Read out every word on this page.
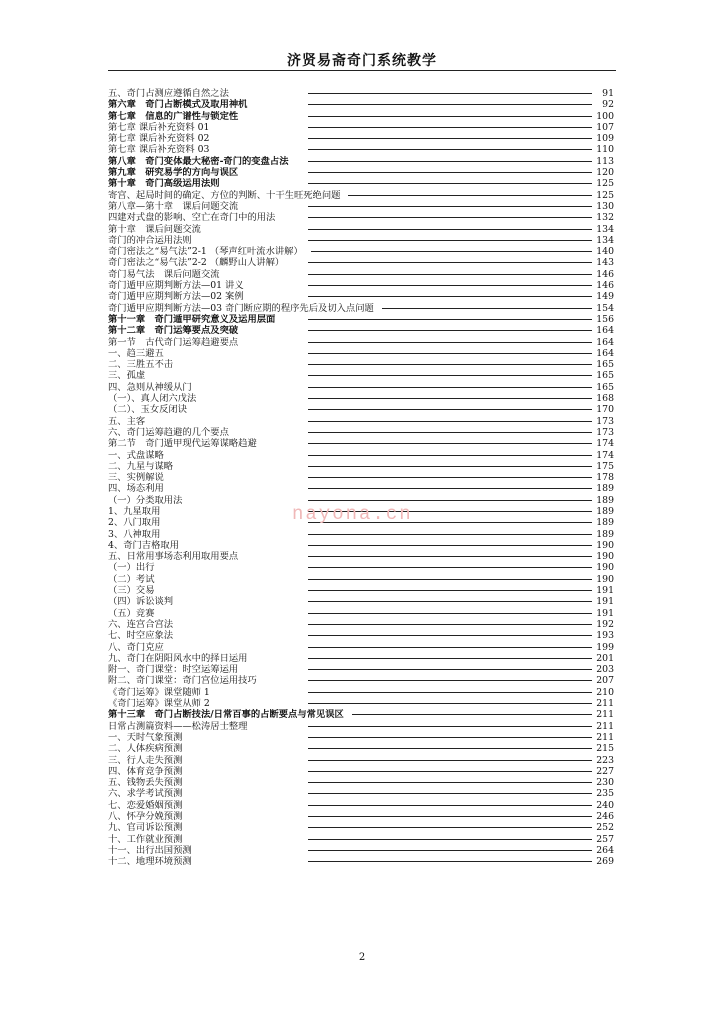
济贤易斋奇门系统教学
五、奇门占测应遵循自然之法	91
第六章　奇门占断模式及取用神机	92
第七章　信息的广谱性与锁定性	100
第七章 课后补充资料 01	107
第七章 课后补充资料 02	109
第七章 课后补充资料 03	110
第八章　奇门变体最大秘密-奇门的变盘占法	113
第九章　研究易学的方向与误区	120
第十章　奇门高级运用法则	125
寄宫、起局时间的确定、方位的判断、十干生旺死绝问题	125
第八章—第十章　课后问题交流	130
四建对式盘的影响、空亡在奇门中的用法	132
第十章　课后问题交流	134
奇门的冲合运用法则	134
奇门密法之“易气法”2-1 （琴声红叶流水讲解）	140
奇门密法之“易气法”2-2 （麟野山人讲解）	143
奇门易气法　课后问题交流	146
奇门遁甲应期判断方法—01 讲义	146
奇门遁甲应期判断方法—02 案例	149
奇门遁甲应期判断方法—03 奇门断应期的程序先后及切入点问题	154
第十一章　奇门遁甲研究意义及运用层面	156
第十二章　奇门运筹要点及突破	164
第一节　古代奇门运筹趋避要点	164
一、趋三避五	164
二、三胜五不击	165
三、孤虚	165
四、急则从神缓从门	165
（一）、真人闭六戊法	168
（二）、玉女反闭诀	170
五、主客	173
六、奇门运筹趋避的几个要点	173
第二节　奇门遁甲现代运筹谋略趋避	174
一、式盘谋略	174
二、九星与谋略	175
三、实例解说	178
四、场态利用	189
（一）分类取用法	189
1、九星取用	189
2、八门取用	189
3、八神取用	189
4、奇门吉格取用	190
五、日常用事场态利用取用要点	190
（一）出行	190
（二）考试	190
（三）交易	191
（四）诉讼谈判	191
（五）竞赛	191
六、连宫合宫法	192
七、时空应象法	193
八、奇门克应	199
九、奇门在阴阳风水中的择日运用	201
附一、奇门课堂：时空运筹运用	203
附二、奇门课堂：奇门宫位运用技巧	207
《奇门运筹》课堂随师 1	210
《奇门运筹》课堂从师 2	211
第十三章　奇门占断技法/日常百事的占断要点与常见误区	211
日常占测篇资料——松涛居士整理	211
一、天时气象预测	211
二、人体疾病预测	215
三、行人走失预测	223
四、体育竞争预测	227
五、钱物丢失预测	230
六、求学考试预测	235
七、恋爱婚姻预测	240
八、怀孕分娩预测	246
九、官司诉讼预测	252
十、工作就业预测	257
十一、出行出国预测	264
十二、地理环境预测	269
nayona.cn
2
